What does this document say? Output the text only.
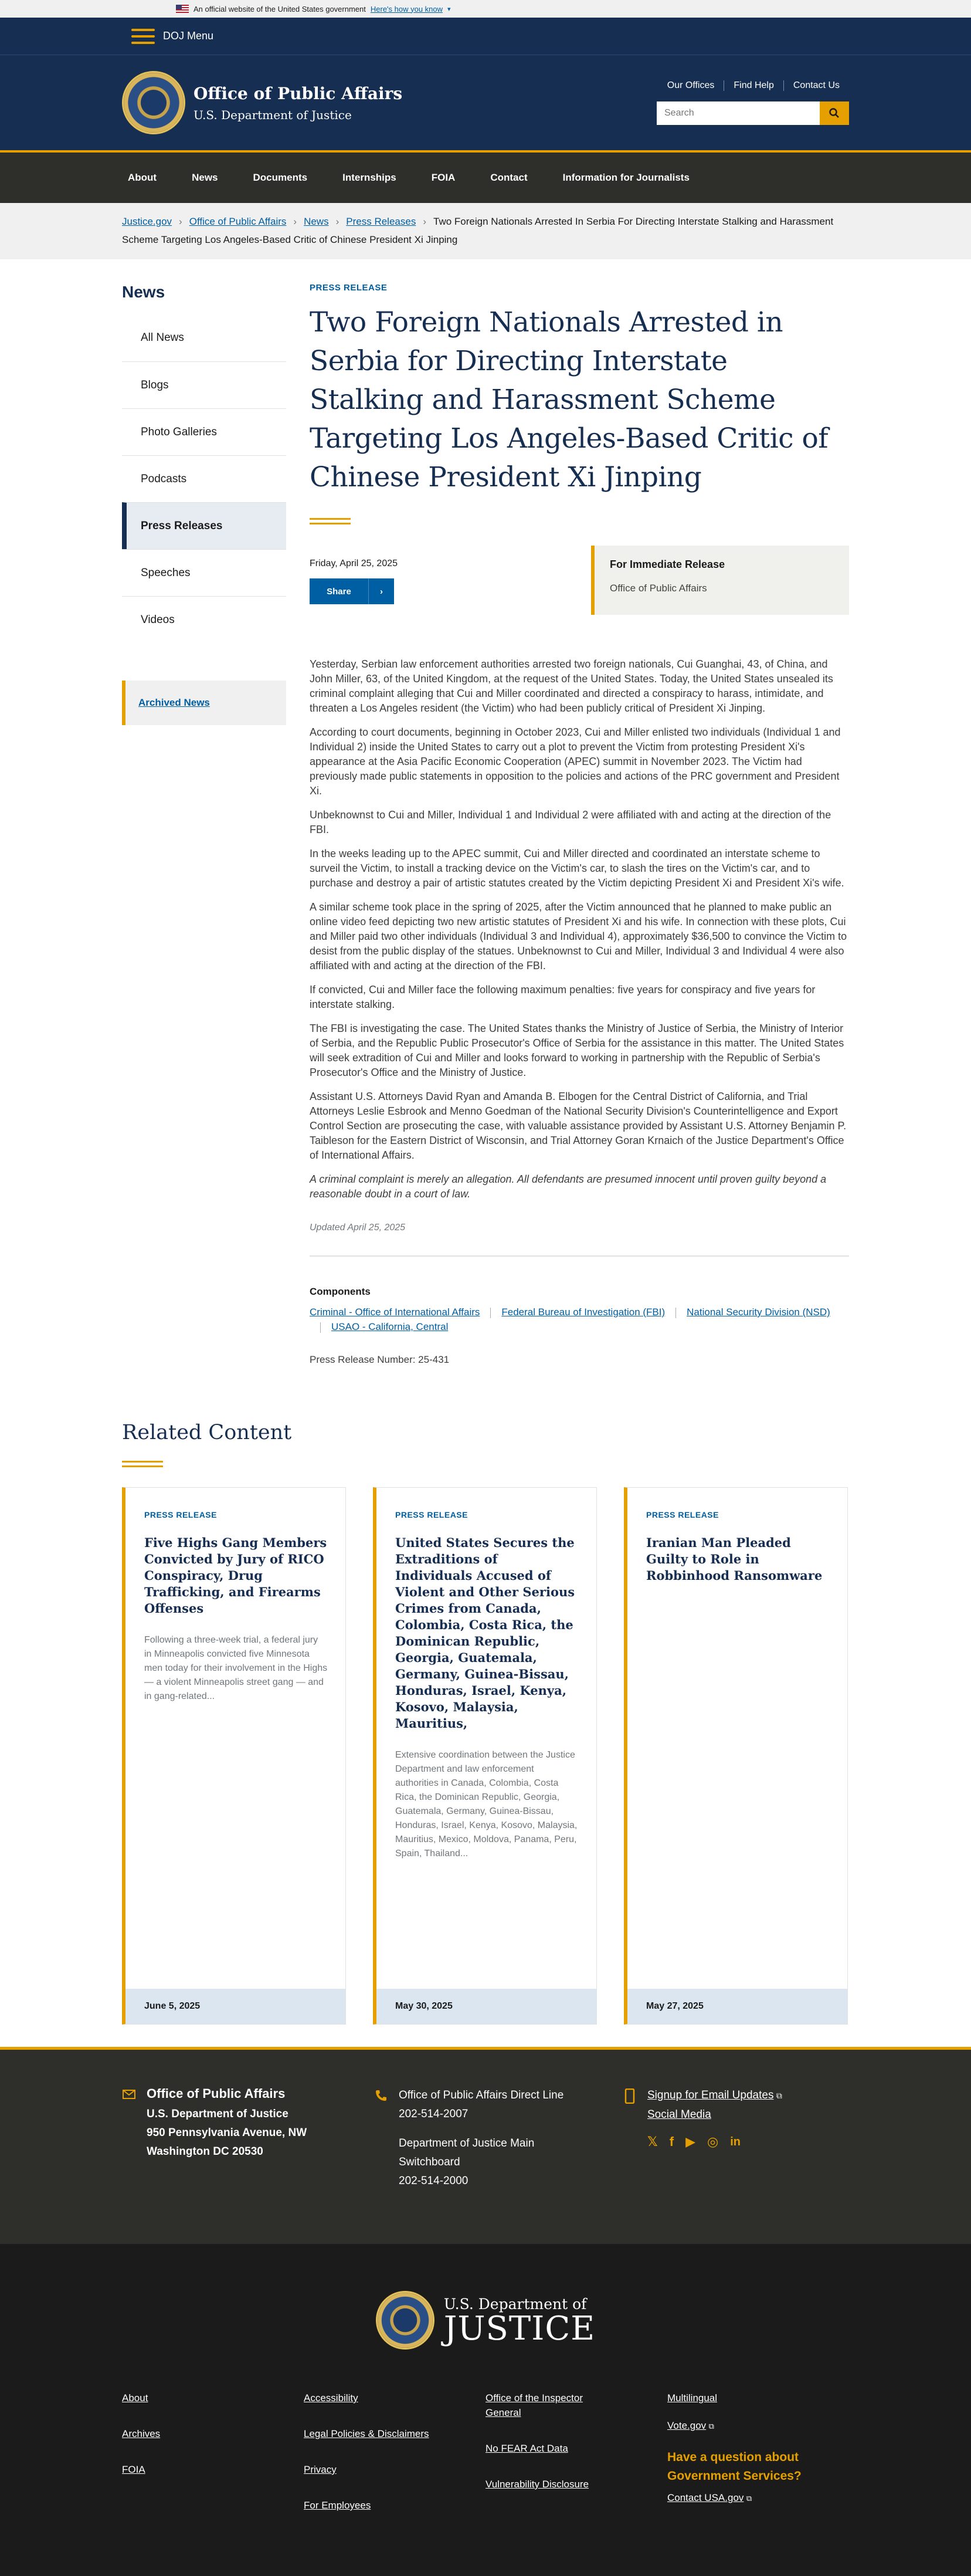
An official website of the United States government Here's how you know ▾
DOJ Menu
Office of Public Affairs
U.S. Department of Justice
Our Offices	Find Help	Contact Us
Search
About	News	Documents	Internships	FOIA	Contact	Information for Journalists
Justice.gov › Office of Public Affairs › News › Press Releases › Two Foreign Nationals Arrested In Serbia For Directing Interstate Stalking and Harassment Scheme Targeting Los Angeles-Based Critic of Chinese President Xi Jinping
News
All News
Blogs
Photo Galleries
Podcasts
Press Releases
Speeches
Videos
Archived News
PRESS RELEASE
Two Foreign Nationals Arrested in Serbia for Directing Interstate Stalking and Harassment Scheme Targeting Los Angeles-Based Critic of Chinese President Xi Jinping
Friday, April 25, 2025
Share	›
For Immediate Release
Office of Public Affairs

Yesterday, Serbian law enforcement authorities arrested two foreign nationals, Cui Guanghai, 43, of China, and John Miller, 63, of the United Kingdom, at the request of the United States. Today, the United States unsealed its criminal complaint alleging that Cui and Miller coordinated and directed a conspiracy to harass, intimidate, and threaten a Los Angeles resident (the Victim) who had been publicly critical of President Xi Jinping.

According to court documents, beginning in October 2023, Cui and Miller enlisted two individuals (Individual 1 and Individual 2) inside the United States to carry out a plot to prevent the Victim from protesting President Xi's appearance at the Asia Pacific Economic Cooperation (APEC) summit in November 2023. The Victim had previously made public statements in opposition to the policies and actions of the PRC government and President Xi.

Unbeknownst to Cui and Miller, Individual 1 and Individual 2 were affiliated with and acting at the direction of the FBI.

In the weeks leading up to the APEC summit, Cui and Miller directed and coordinated an interstate scheme to surveil the Victim, to install a tracking device on the Victim's car, to slash the tires on the Victim's car, and to purchase and destroy a pair of artistic statutes created by the Victim depicting President Xi and President Xi's wife.

A similar scheme took place in the spring of 2025, after the Victim announced that he planned to make public an online video feed depicting two new artistic statutes of President Xi and his wife. In connection with these plots, Cui and Miller paid two other individuals (Individual 3 and Individual 4), approximately $36,500 to convince the Victim to desist from the public display of the statues. Unbeknownst to Cui and Miller, Individual 3 and Individual 4 were also affiliated with and acting at the direction of the FBI.

If convicted, Cui and Miller face the following maximum penalties: five years for conspiracy and five years for interstate stalking.

The FBI is investigating the case. The United States thanks the Ministry of Justice of Serbia, the Ministry of Interior of Serbia, and the Republic Public Prosecutor's Office of Serbia for the assistance in this matter. The United States will seek extradition of Cui and Miller and looks forward to working in partnership with the Republic of Serbia's Prosecutor's Office and the Ministry of Justice.

Assistant U.S. Attorneys David Ryan and Amanda B. Elbogen for the Central District of California, and Trial Attorneys Leslie Esbrook and Menno Goedman of the National Security Division's Counterintelligence and Export Control Section are prosecuting the case, with valuable assistance provided by Assistant U.S. Attorney Benjamin P. Taibleson for the Eastern District of Wisconsin, and Trial Attorney Goran Krnaich of the Justice Department's Office of International Affairs.

A criminal complaint is merely an allegation. All defendants are presumed innocent until proven guilty beyond a reasonable doubt in a court of law.

Updated April 25, 2025
Components
Criminal - Office of International Affairs Federal Bureau of Investigation (FBI) National Security Division (NSD)USAO - California, Central
Press Release Number: 25-431
Related Content
PRESS RELEASE
Five Highs Gang Members Convicted by Jury of RICO Conspiracy, Drug Trafficking, and Firearms Offenses

Following a three-week trial, a federal jury in Minneapolis convicted five Minnesota men today for their involvement in the Highs — a violent Minneapolis street gang — and in gang-related...

June 5, 2025
PRESS RELEASE
United States Secures the Extraditions of Individuals Accused of Violent and Other Serious Crimes from Canada, Colombia, Costa Rica, the Dominican Republic, Georgia, Guatemala, Germany, Guinea-Bissau, Honduras, Israel, Kenya, Kosovo, Malaysia, Mauritius,

Extensive coordination between the Justice Department and law enforcement authorities in Canada, Colombia, Costa Rica, the Dominican Republic, Georgia, Guatemala, Germany, Guinea-Bissau, Honduras, Israel, Kenya, Kosovo, Malaysia, Mauritius, Mexico, Moldova, Panama, Peru, Spain, Thailand...

May 30, 2025
PRESS RELEASE
Iranian Man Pleaded Guilty to Role in Robbinhood Ransomware

May 27, 2025
Office of Public Affairs
U.S. Department of Justice
950 Pennsylvania Avenue, NW
Washington DC 20530
Office of Public Affairs Direct Line
202-514-2007
Department of Justice Main Switchboard
202-514-2000
Signup for Email Updates ⧉
Social Media
𝕏 f ▶ ◎ in
U.S. Department of
JUSTICE
About
Archives
FOIA
Accessibility
Legal Policies & Disclaimers
Privacy
For Employees
Office of the Inspector General
No FEAR Act Data
Vulnerability Disclosure
Multilingual
Vote.gov ⧉
Have a question about Government Services?
Contact USA.gov ⧉
